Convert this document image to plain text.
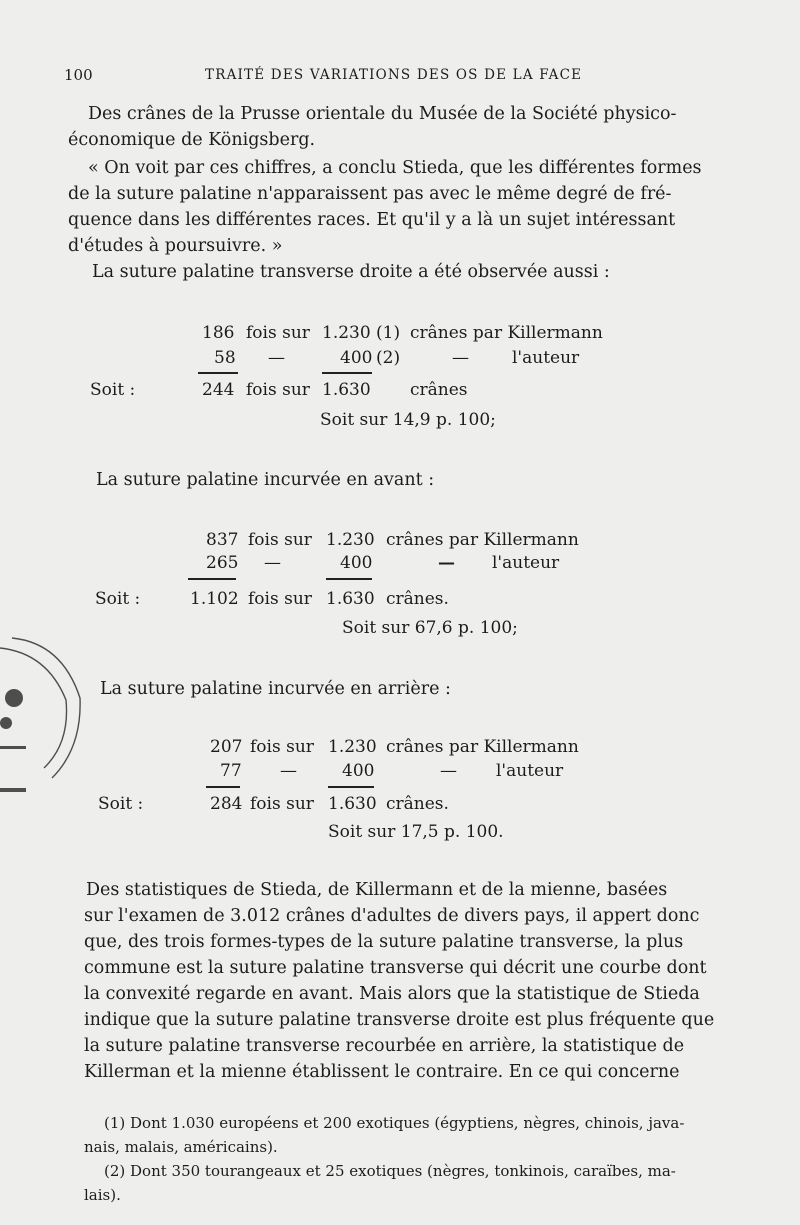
100	TRAITÉ DES VARIATIONS DES OS DE LA FACE
Des crânes de la Prusse orientale du Musée de la Société physico-
économique de Königsberg.
« On voit par ces chiffres, a conclu Stieda, que les différentes formes
de la suture palatine n'apparaissent pas avec le même degré de fré-
quence dans les différentes races. Et qu'il y a là un sujet intéressant
d'études à poursuivre. »
La suture palatine transverse droite a été observée aussi :
186 fois sur 1.230 (1) crânes par Killermann
58 —	400 (2)	—	l'auteur
Soit :	244 fois sur 1.630 crânes
Soit sur 14,9 p. 100;
La suture palatine incurvée en avant :
837 fois sur 1.230 crânes par Killermann
265 —	400	— l'auteur
Soit :	1.102 fois sur 1.630 crânes.
Soit sur 67,6 p. 100;
La suture palatine incurvée en arrière :
207 fois sur 1.230 crânes par Killermann
77 —	400	— l'auteur
Soit :	284 fois sur 1.630 crânes.
Soit sur 17,5 p. 100.
Des statistiques de Stieda, de Killermann et de la mienne, basées
sur l'examen de 3.012 crânes d'adultes de divers pays, il appert donc
que, des trois formes-types de la suture palatine transverse, la plus
commune est la suture palatine transverse qui décrit une courbe dont
la convexité regarde en avant. Mais alors que la statistique de Stieda
indique que la suture palatine transverse droite est plus fréquente que
la suture palatine transverse recourbée en arrière, la statistique de
Killerman et la mienne établissent le contraire. En ce qui concerne
(1) Dont 1.030 européens et 200 exotiques (égyptiens, nègres, chinois, java-
nais, malais, américains).
(2) Dont 350 tourangeaux et 25 exotiques (nègres, tonkinois, caraïbes, ma-
lais).
